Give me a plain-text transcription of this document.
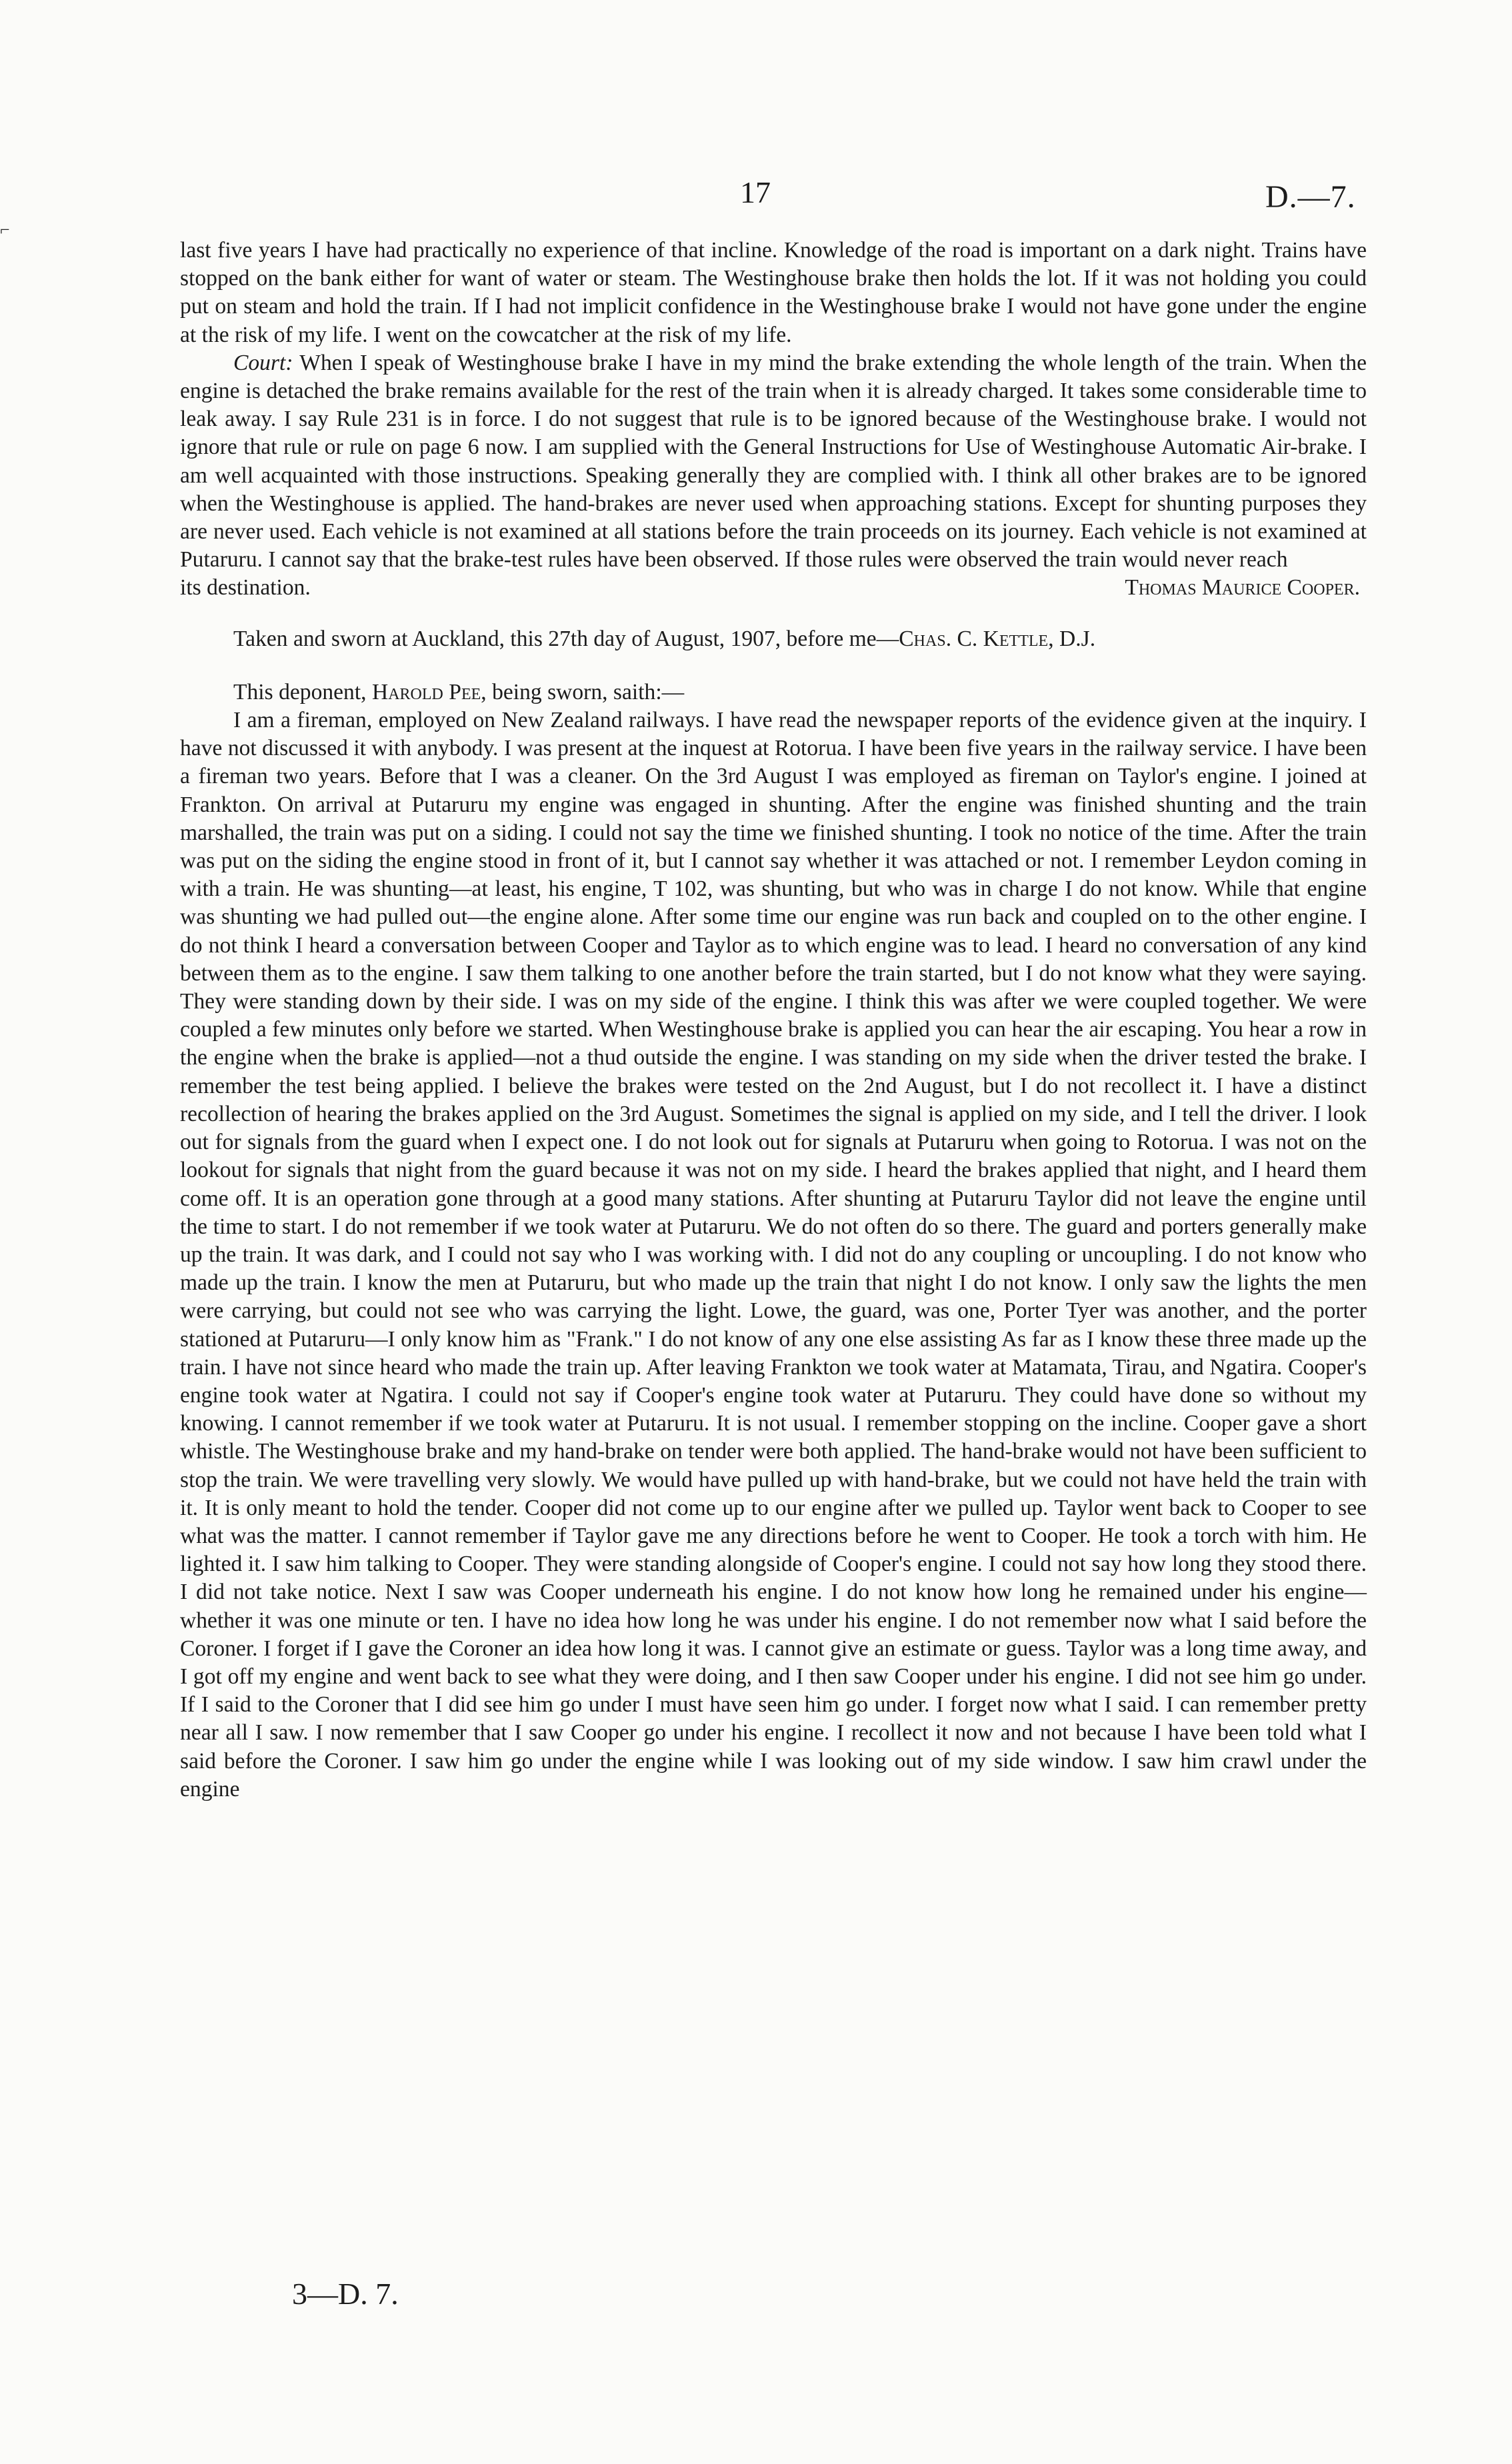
17	D.—7.
⌐

last five years I have had practically no experience of that incline. Knowledge of the road is important on a dark night. Trains have stopped on the bank either for want of water or steam. The Westinghouse brake then holds the lot. If it was not holding you could put on steam and hold the train. If I had not implicit confidence in the Westinghouse brake I would not have gone under the engine at the risk of my life. I went on the cowcatcher at the risk of my life.

Court: When I speak of Westinghouse brake I have in my mind the brake extending the whole length of the train. When the engine is detached the brake remains available for the rest of the train when it is already charged. It takes some considerable time to leak away. I say Rule 231 is in force. I do not suggest that rule is to be ignored because of the Westinghouse brake. I would not ignore that rule or rule on page 6 now. I am supplied with the General Instructions for Use of Westinghouse Automatic Air-brake. I am well acquainted with those instructions. Speaking generally they are complied with. I think all other brakes are to be ignored when the Westinghouse is applied. The hand-brakes are never used when approaching stations. Except for shunting purposes they are never used. Each vehicle is not examined at all stations before the train proceeds on its journey. Each vehicle is not examined at Putaruru. I cannot say that the brake-test rules have been observed. If those rules were observed the train would never reach

its destination.	Thomas Maurice Cooper.

Taken and sworn at Auckland, this 27th day of August, 1907, before me—Chas. C. Kettle, D.J.

This deponent, Harold Pee, being sworn, saith:—

I am a fireman, employed on New Zealand railways. I have read the newspaper reports of the evidence given at the inquiry. I have not discussed it with anybody. I was present at the inquest at Rotorua. I have been five years in the railway service. I have been a fireman two years. Before that I was a cleaner. On the 3rd August I was employed as fireman on Taylor's engine. I joined at Frankton. On arrival at Putaruru my engine was engaged in shunting. After the engine was finished shunting and the train marshalled, the train was put on a siding. I could not say the time we finished shunting. I took no notice of the time. After the train was put on the siding the engine stood in front of it, but I cannot say whether it was attached or not. I remember Leydon coming in with a train. He was shunting—at least, his engine, T 102, was shunting, but who was in charge I do not know. While that engine was shunting we had pulled out—the engine alone. After some time our engine was run back and coupled on to the other engine. I do not think I heard a conversation between Cooper and Taylor as to which engine was to lead. I heard no conversation of any kind between them as to the engine. I saw them talking to one another before the train started, but I do not know what they were saying. They were standing down by their side. I was on my side of the engine. I think this was after we were coupled together. We were coupled a few minutes only before we started. When Westinghouse brake is applied you can hear the air escaping. You hear a row in the engine when the brake is applied—not a thud outside the engine. I was standing on my side when the driver tested the brake. I remember the test being applied. I believe the brakes were tested on the 2nd August, but I do not recollect it. I have a distinct recollection of hearing the brakes applied on the 3rd August. Sometimes the signal is applied on my side, and I tell the driver. I look out for signals from the guard when I expect one. I do not look out for signals at Putaruru when going to Rotorua. I was not on the lookout for signals that night from the guard because it was not on my side. I heard the brakes applied that night, and I heard them come off. It is an operation gone through at a good many stations. After shunting at Putaruru Taylor did not leave the engine until the time to start. I do not remember if we took water at Putaruru. We do not often do so there. The guard and porters generally make up the train. It was dark, and I could not say who I was working with. I did not do any coupling or uncoupling. I do not know who made up the train. I know the men at Putaruru, but who made up the train that night I do not know. I only saw the lights the men were carrying, but could not see who was carrying the light. Lowe, the guard, was one, Porter Tyer was another, and the porter stationed at Putaruru—I only know him as "Frank." I do not know of any one else assisting As far as I know these three made up the train. I have not since heard who made the train up. After leaving Frankton we took water at Matamata, Tirau, and Ngatira. Cooper's engine took water at Ngatira. I could not say if Cooper's engine took water at Putaruru. They could have done so without my knowing. I cannot remember if we took water at Putaruru. It is not usual. I remember stopping on the incline. Cooper gave a short whistle. The Westinghouse brake and my hand-brake on tender were both applied. The hand-brake would not have been sufficient to stop the train. We were travelling very slowly. We would have pulled up with hand-brake, but we could not have held the train with it. It is only meant to hold the tender. Cooper did not come up to our engine after we pulled up. Taylor went back to Cooper to see what was the matter. I cannot remember if Taylor gave me any directions before he went to Cooper. He took a torch with him. He lighted it. I saw him talking to Cooper. They were standing alongside of Cooper's engine. I could not say how long they stood there. I did not take notice. Next I saw was Cooper underneath his engine. I do not know how long he remained under his engine—whether it was one minute or ten. I have no idea how long he was under his engine. I do not remember now what I said before the Coroner. I forget if I gave the Coroner an idea how long it was. I cannot give an estimate or guess. Taylor was a long time away, and I got off my engine and went back to see what they were doing, and I then saw Cooper under his engine. I did not see him go under. If I said to the Coroner that I did see him go under I must have seen him go under. I forget now what I said. I can remember pretty near all I saw. I now remember that I saw Cooper go under his engine. I recollect it now and not because I have been told what I said before the Coroner. I saw him go under the engine while I was looking out of my side window. I saw him crawl under the engine

3—D. 7.
